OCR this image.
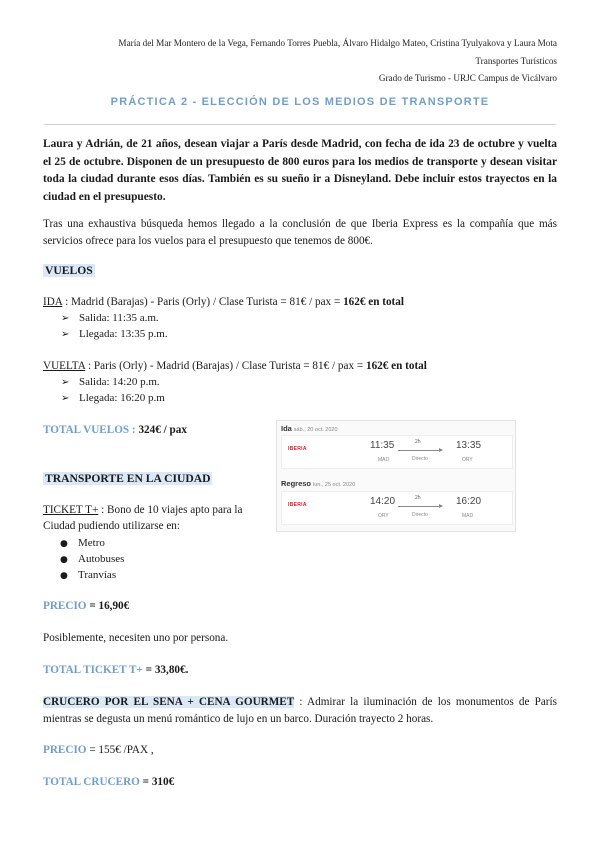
María del Mar Montero de la Vega, Fernando Torres Puebla, Álvaro Hidalgo Mateo, Cristina Tyulyakova y Laura Mota
Transportes Turísticos
Grado de Turismo - URJC Campus de Vicálvaro
PRÁCTICA 2 - ELECCIÓN DE LOS MEDIOS DE TRANSPORTE
Laura y Adrián, de 21 años, desean viajar a París desde Madrid, con fecha de ida 23 de octubre y vuelta el 25 de octubre. Disponen de un presupuesto de 800 euros para los medios de transporte y desean visitar toda la ciudad durante esos días. También es su sueño ir a Disneyland. Debe incluir estos trayectos en la ciudad en el presupuesto.
Tras una exhaustiva búsqueda hemos llegado a la conclusión de que Iberia Express es la compañía que más servicios ofrece para los vuelos para el presupuesto que tenemos de 800€.
VUELOS
IDA : Madrid (Barajas) - Paris (Orly) / Clase Turista = 81€ / pax = 162€ en total
➢ Salida: 11:35 a.m.
➢ Llegada: 13:35 p.m.
VUELTA : Paris (Orly) - Madrid (Barajas) / Clase Turista = 81€ / pax = 162€ en total
➢ Salida: 14:20 p.m.
➢ Llegada: 16:20 p.m
TOTAL VUELOS : 324€ / pax	Ida sáb., 20 oct. 2020
IBERIA	11:35
MAD
2h
Directo
13:35
ORY
Regreso lun., 25 oct. 2020
IBERIA	14:20
ORY
2h
Directo
16:20
MAD
TRANSPORTE EN LA CIUDAD
TICKET T+ : Bono de 10 viajes apto para la
Ciudad pudiendo utilizarse en:
● Metro
● Autobuses
● Tranvías
PRECIO = 16,90€
Posiblemente, necesiten uno por persona.
TOTAL TICKET T+ = 33,80€.
CRUCERO POR EL SENA + CENA GOURMET : Admirar la iluminación de los monumentos de París mientras se degusta un menú romántico de lujo en un barco. Duración trayecto 2 horas.
PRECIO = 155€ /PAX ,
TOTAL CRUCERO = 310€
